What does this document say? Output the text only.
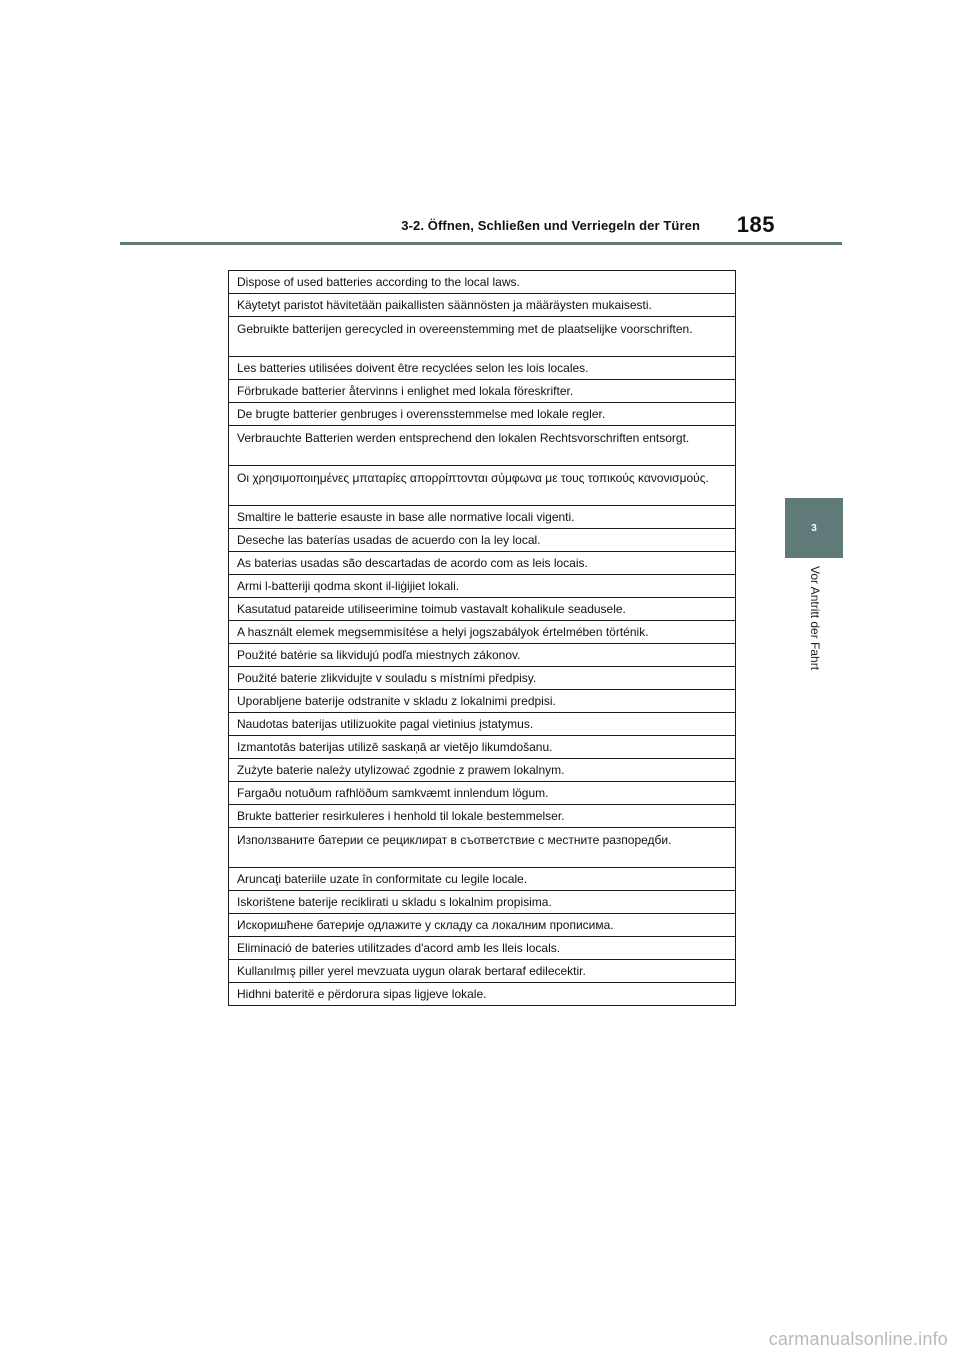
3-2. Öffnen, Schließen und Verriegeln der Türen 185
3
Vor Antritt der Fahrt
Dispose of used batteries according to the local laws.
Käytetyt paristot hävitetään paikallisten säännösten ja määräysten mukaisesti.
Gebruikte batterijen gerecycled in overeenstemming met de plaatselijke voorschriften.
Les batteries utilisées doivent être recyclées selon les lois locales.
Förbrukade batterier återvinns i enlighet med lokala föreskrifter.
De brugte batterier genbruges i overensstemmelse med lokale regler.
Verbrauchte Batterien werden entsprechend den lokalen Rechtsvorschriften entsorgt.
Οι χρησιμοποιημένες μπαταρίες απορρίπτονται σύμφωνα με τους τοπικούς κανονισμούς.
Smaltire le batterie esauste in base alle normative locali vigenti.
Deseche las baterías usadas de acuerdo con la ley local.
As baterias usadas são descartadas de acordo com as leis locais.
Armi l-batteriji qodma skont il-liġijiet lokali.
Kasutatud patareide utiliseerimine toimub vastavalt kohalikule seadusele.
A használt elemek megsemmisítése a helyi jogszabályok értelmében történik.
Použité batérie sa likvidujú podľa miestnych zákonov.
Použité baterie zlikvidujte v souladu s místními předpisy.
Uporabljene baterije odstranite v skladu z lokalnimi predpisi.
Naudotas baterijas utilizuokite pagal vietinius įstatymus.
Izmantotās baterijas utilizē saskaņā ar vietējo likumdošanu.
Zużyte baterie należy utylizować zgodnie z prawem lokalnym.
Fargaðu notuðum rafhlöðum samkvæmt innlendum lögum.
Brukte batterier resirkuleres i henhold til lokale bestemmelser.
Използваните батерии се рециклират в съответствие с местните разпоредби.
Aruncaţi bateriile uzate în conformitate cu legile locale.
Iskorištene baterije reciklirati u skladu s lokalnim propisima.
Искоришћене батерије одлажите у складу са локалним прописима.
Eliminació de bateries utilitzades d'acord amb les lleis locals.
Kullanılmış piller yerel mevzuata uygun olarak bertaraf edilecektir.
Hidhni bateritë e përdorura sipas ligjeve lokale.
carmanualsonline.info
